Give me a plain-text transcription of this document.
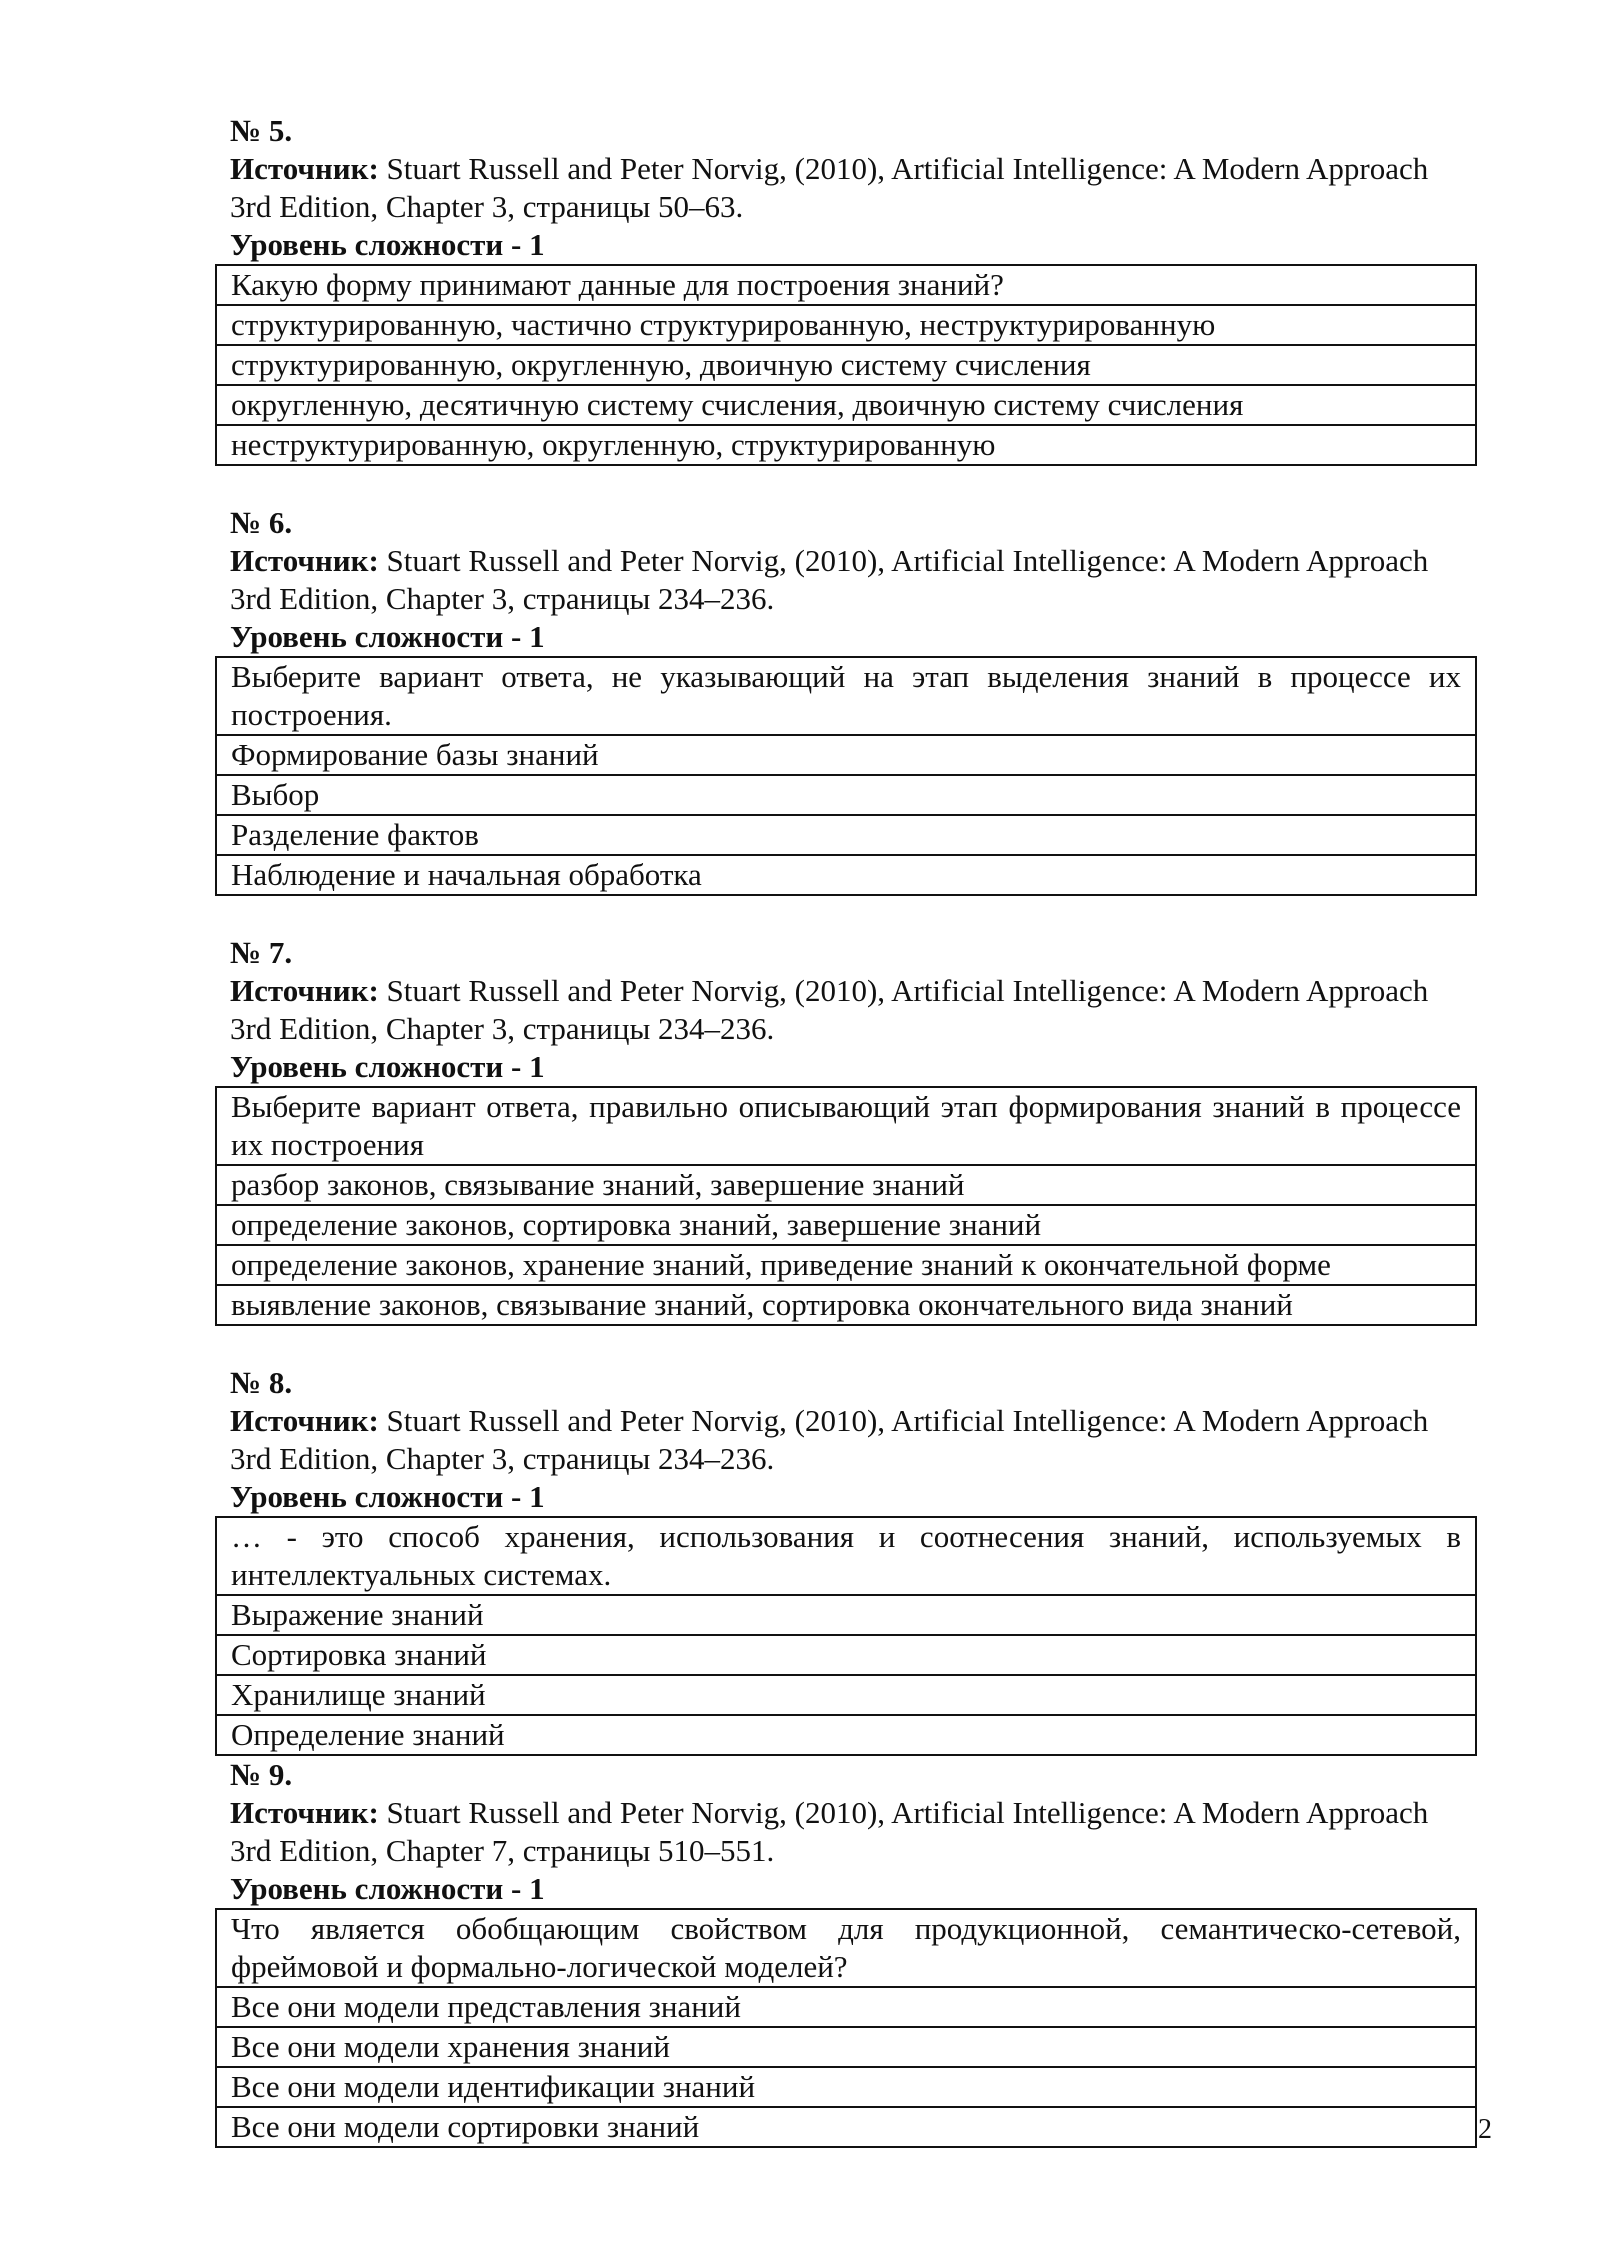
№ 5.
Источник: Stuart Russell and Peter Norvig, (2010), Artificial Intelligence: A Modern Approach
3rd Edition, Chapter 3, страницы 50–63.
Уровень сложности - 1
Какую форму принимают данные для построения знаний?
структурированную, частично структурированную, неструктурированную
структурированную, округленную, двоичную систему счисления
округленную, десятичную систему счисления, двоичную систему счисления
неструктурированную, округленную, структурированную
№ 6.
Источник: Stuart Russell and Peter Norvig, (2010), Artificial Intelligence: A Modern Approach
3rd Edition, Chapter 3, страницы 234–236.
Уровень сложности - 1
Выберите вариант ответа, не указывающий на этап выделения знаний в процессе их построения.
Формирование базы знаний
Выбор
Разделение фактов
Наблюдение и начальная обработка
№ 7.
Источник: Stuart Russell and Peter Norvig, (2010), Artificial Intelligence: A Modern Approach
3rd Edition, Chapter 3, страницы 234–236.
Уровень сложности - 1
Выберите вариант ответа, правильно описывающий этап формирования знаний в процессе их построения
разбор законов, связывание знаний, завершение знаний
определение законов, сортировка знаний, завершение знаний
определение законов, хранение знаний, приведение знаний к окончательной форме
выявление законов, связывание знаний, сортировка окончательного вида знаний
№ 8.
Источник: Stuart Russell and Peter Norvig, (2010), Artificial Intelligence: A Modern Approach
3rd Edition, Chapter 3, страницы 234–236.
Уровень сложности - 1
… - это способ хранения, использования и соотнесения знаний, используемых в интеллектуальных системах.
Выражение знаний
Сортировка знаний
Хранилище знаний
Определение знаний
№ 9.
Источник: Stuart Russell and Peter Norvig, (2010), Artificial Intelligence: A Modern Approach
3rd Edition, Chapter 7, страницы 510–551.
Уровень сложности - 1
Что является обобщающим свойством для продукционной, семантическо-сетевой, фреймовой и формально-логической моделей?
Все они модели представления знаний
Все они модели хранения знаний
Все они модели идентификации знаний
Все они модели сортировки знаний	2
